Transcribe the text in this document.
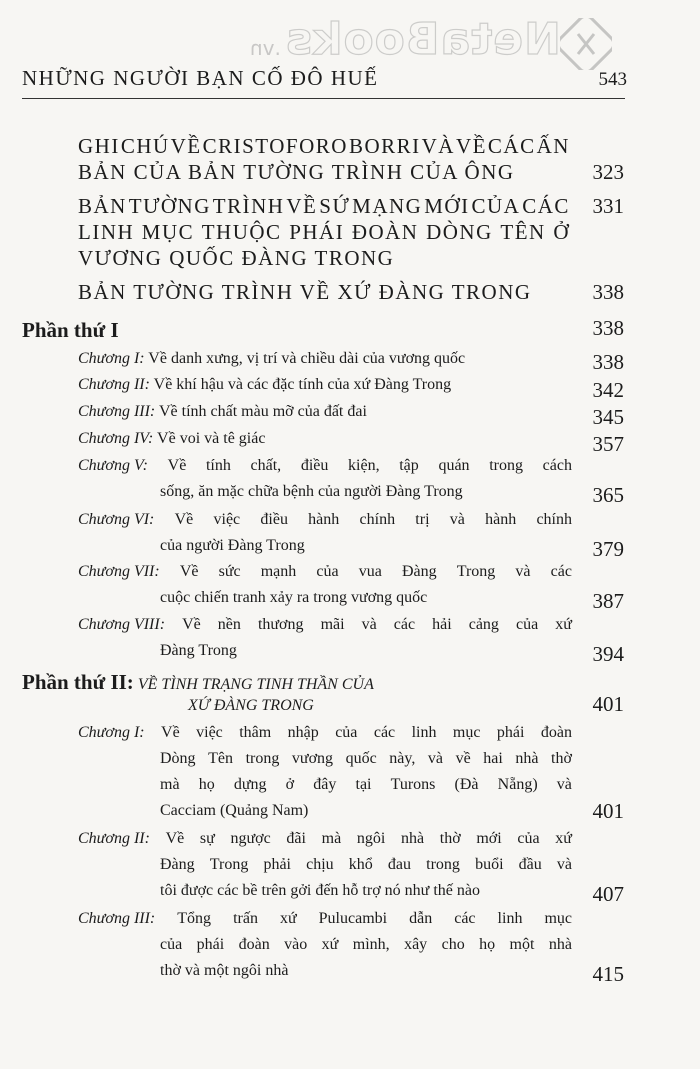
NetaBooks
.vn
NHỮNG NGƯỜI BẠN CỐ ĐÔ HUẾ	543
GHI CHÚ VỀ CRISTOFORO BORRI VÀ VỀ CÁC ẤN
BẢN CỦA BẢN TƯỜNG TRÌNH CỦA ÔNG	323
BẢN TƯỜNG TRÌNH VỀ SỨ MẠNG MỚI CỦA CÁC	331
LINH MỤC THUỘC PHÁI ĐOÀN DÒNG TÊN Ở
VƯƠNG QUỐC ĐÀNG TRONG
BẢN TƯỜNG TRÌNH VỀ XỨ ĐÀNG TRONG	338
Phần thứ I	338
Chương I: Về danh xưng, vị trí và chiều dài của vương quốc	338
Chương II: Về khí hậu và các đặc tính của xứ Đàng Trong	342
Chương III: Về tính chất màu mỡ của đất đai	345
Chương IV: Về voi và tê giác	357
Chương V: Về tính chất, điều kiện, tập quán trong cách
sống, ăn mặc chữa bệnh của người Đàng Trong	365
Chương VI: Về việc điều hành chính trị và hành chính
của người Đàng Trong	379
Chương VII: Về sức mạnh của vua Đàng Trong và các
cuộc chiến tranh xảy ra trong vương quốc	387
Chương VIII: Về nền thương mãi và các hải cảng của xứ
Đàng Trong	394
Phần thứ II: VỀ TÌNH TRẠNG TINH THẦN CỦA
XỨ ĐÀNG TRONG	401
Chương I: Về việc thâm nhập của các linh mục phái đoàn
Dòng Tên trong vương quốc này, và về hai nhà thờ
mà họ dựng ở đây tại Turons (Đà Nẵng) và
Cacciam (Quảng Nam)	401
Chương II: Về sự ngược đãi mà ngôi nhà thờ mới của xứ
Đàng Trong phải chịu khổ đau trong buổi đầu và
tôi được các bề trên gởi đến hỗ trợ nó như thế nào	407
Chương III: Tổng trấn xứ Pulucambi dẫn các linh mục
của phái đoàn vào xứ mình, xây cho họ một nhà
thờ và một ngôi nhà	415
